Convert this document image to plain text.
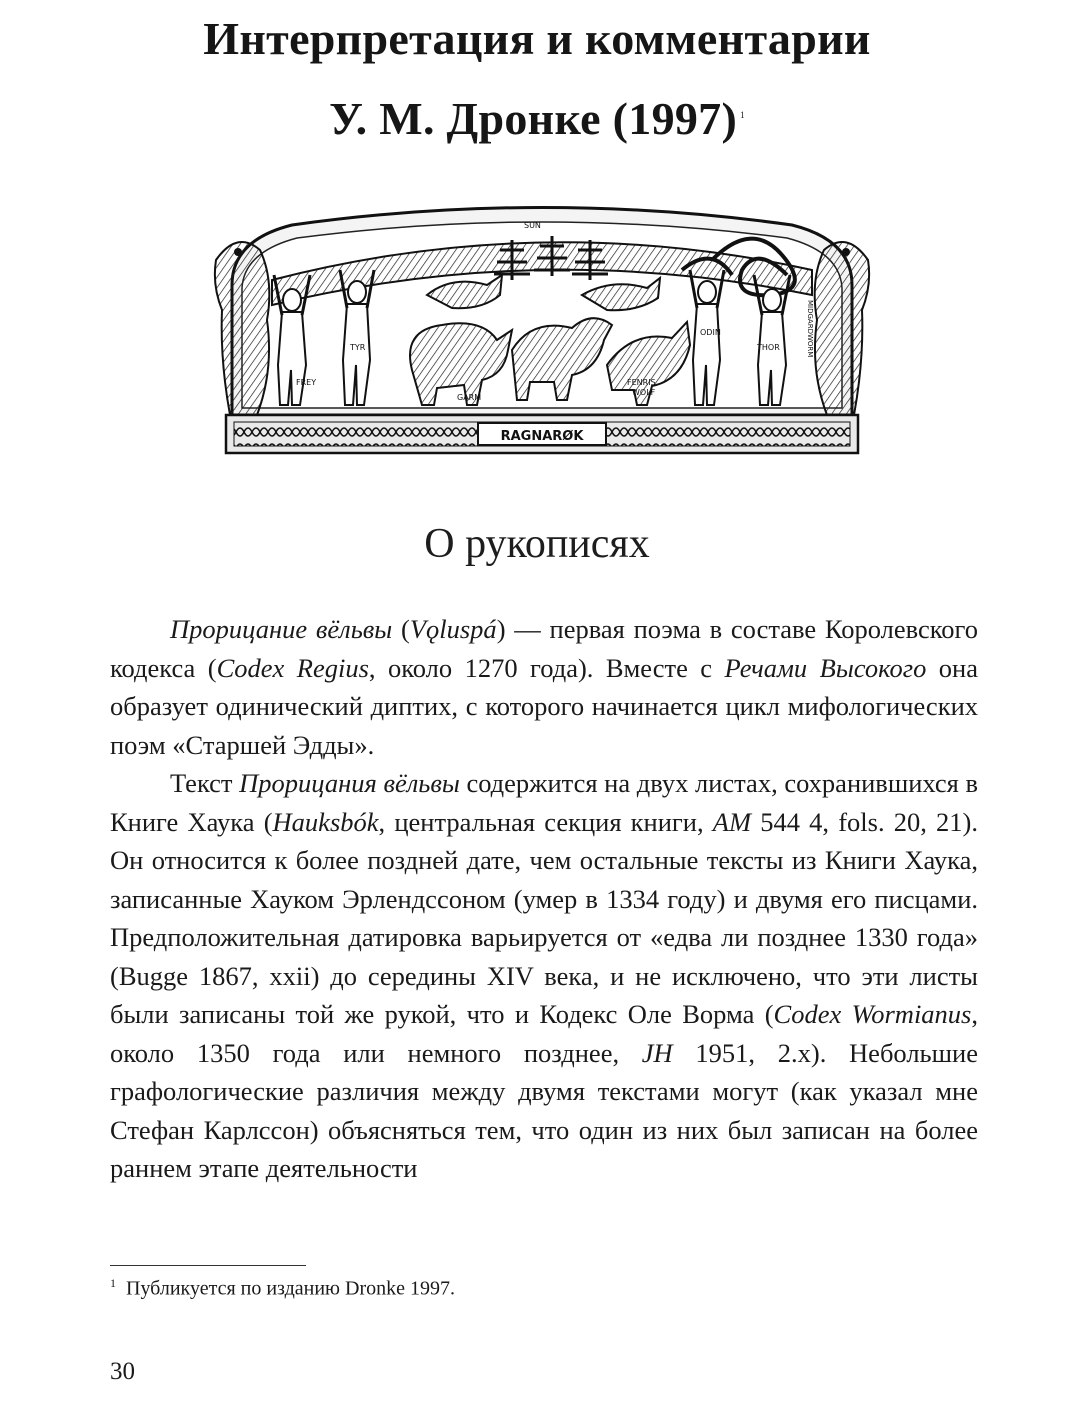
Интерпретация и комментарии
У. М. Дронке (1997) $^1$
RAGNARØK
FREY
TYR
GARM
FENRIS
WOLF
ODIN
THOR
SUN
MIDGARDWORM
О рукописях

Прорицание вёльвы (Vǫluspá) — первая поэма в составе Королевского кодекса (Codex Regius, около 1270 года). Вместе с Речами Высокого она образует одинический диптих, с которого начинается цикл мифологических поэм «Старшей Эдды».

Текст Прорицания вёльвы содержится на двух листах, сохранившихся в Книге Хаука (Hauksbók, центральная секция книги, AM 544 4, fols. 20, 21). Он относится к более поздней дате, чем остальные тексты из Книги Хаука, записанные Хауком Эрлендссоном (умер в 1334 году) и двумя его писцами. Предположительная датировка варьируется от «едва ли позднее 1330 года» (Bugge 1867, xxii) до середины XIV века, и не исключено, что эти листы были записаны той же рукой, что и Кодекс Оле Ворма (Codex Wormianus, около 1350 года или немного позднее, JH 1951, 2.x). Небольшие графологические различия между двумя текстами могут (как указал мне Стефан Карлссон) объясняться тем, что один из них был записан на более раннем этапе деятельности

$^1$ Публикуется по изданию Dronke 1997.
30
